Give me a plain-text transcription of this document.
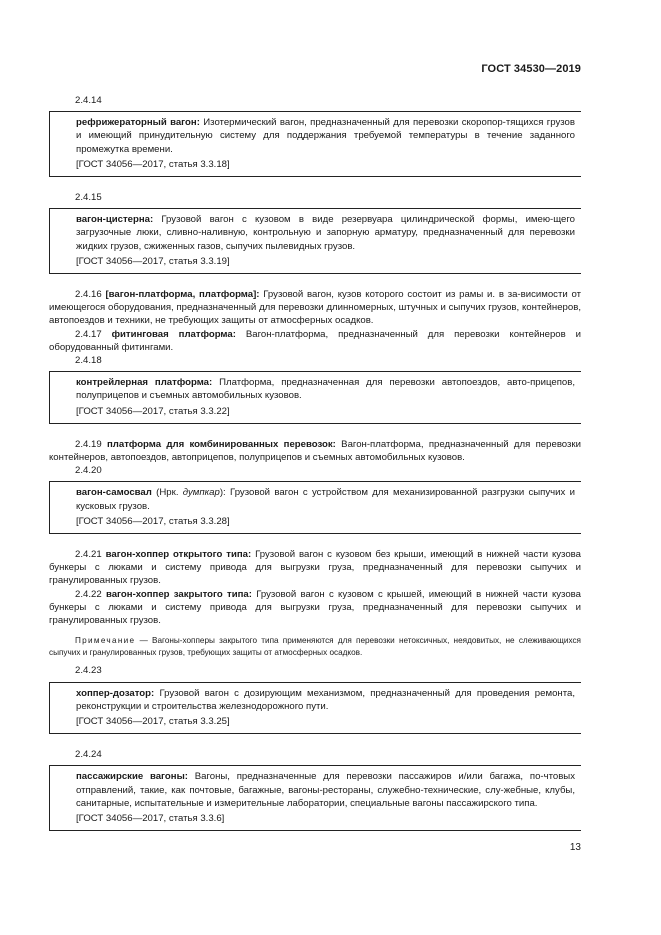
ГОСТ 34530—2019

2.4.14

рефрижераторный вагон: Изотермический вагон, предназначенный для перевозки скоропор-тящихся грузов и имеющий принудительную систему для поддержания требуемой температуры в течение заданного промежутка времени.

[ГОСТ 34056—2017, статья 3.3.18]

2.4.15

вагон-цистерна: Грузовой вагон с кузовом в виде резервуара цилиндрической формы, имею-щего загрузочные люки, сливно-наливную, контрольную и запорную арматуру, предназначенный для перевозки жидких грузов, сжиженных газов, сыпучих пылевидных грузов.

[ГОСТ 34056—2017, статья 3.3.19]

2.4.16 [вагон-платформа, платформа]: Грузовой вагон, кузов которого состоит из рамы и. в за-висимости от имеющегося оборудования, предназначенный для перевозки длинномерных, штучных и сыпучих грузов, контейнеров, автопоездов и техники, не требующих защиты от атмосферных осадков.

2.4.17 фитинговая платформа: Вагон-платформа, предназначенный для перевозки контейнеров и оборудованный фитингами.

2.4.18

контрейлерная платформа: Платформа, предназначенная для перевозки автопоездов, авто-прицепов, полуприцепов и съемных автомобильных кузовов.

[ГОСТ 34056—2017, статья 3.3.22]

2.4.19 платформа для комбинированных перевозок: Вагон-платформа, предназначенный для перевозки контейнеров, автопоездов, автоприцепов, полуприцепов и съемных автомобильных кузовов.

2.4.20

вагон-самосвал (Нрк. думпкар): Грузовой вагон с устройством для механизированной разгрузки сыпучих и кусковых грузов.

[ГОСТ 34056—2017, статья 3.3.28]

2.4.21 вагон-хоппер открытого типа: Грузовой вагон с кузовом без крыши, имеющий в нижней части кузова бункеры с люками и систему привода для выгрузки груза, предназначенный для перевозки сыпучих и гранулированных грузов.

2.4.22 вагон-хоппер закрытого типа: Грузовой вагон с кузовом с крышей, имеющий в нижней части кузова бункеры с люками и систему привода для выгрузки груза, предназначенный для перевозки сыпучих и гранулированных грузов.

Примечание — Вагоны-хопперы закрытого типа применяются для перевозки нетоксичных, неядовитых, не слеживающихся сыпучих и гранулированных грузов, требующих защиты от атмосферных осадков.

2.4.23

хоппер-дозатор: Грузовой вагон с дозирующим механизмом, предназначенный для проведения ремонта, реконструкции и строительства железнодорожного пути.

[ГОСТ 34056—2017, статья 3.3.25]

2.4.24

пассажирские вагоны: Вагоны, предназначенные для перевозки пассажиров и/или багажа, по-чтовых отправлений, такие, как почтовые, багажные, вагоны-рестораны, служебно-технические, слу-жебные, клубы, санитарные, испытательные и измерительные лаборатории, специальные вагоны пассажирского типа.

[ГОСТ 34056—2017, статья 3.3.6]

13
